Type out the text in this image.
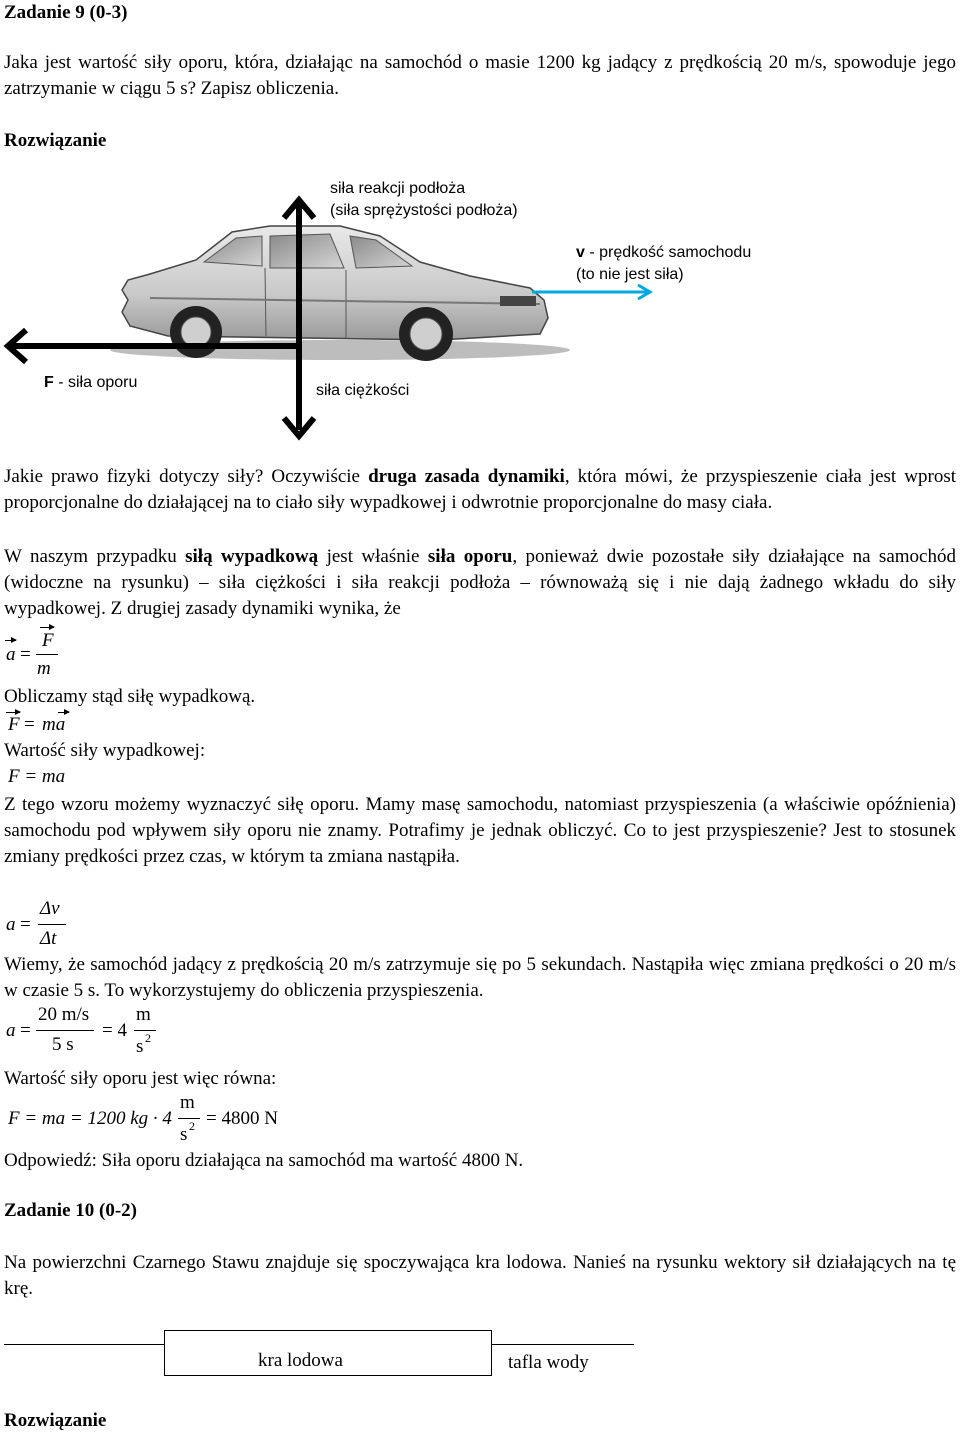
Zadanie 9 (0-3)
Jaka jest wartość siły oporu, która, działając na samochód o masie 1200 kg jadący z prędkością 20 m/s, spowoduje jego zatrzymanie w ciągu 5 s? Zapisz obliczenia.
Rozwiązanie
siła reakcji podłoża
(siła sprężystości podłoża)
v - prędkość samochodu
(to nie jest siła)
F - siła oporu	siła ciężkości
Jakie prawo fizyki dotyczy siły? Oczywiście druga zasada dynamiki, która mówi, że przyspieszenie ciała jest wprost proporcjonalne do działającej na to ciało siły wypadkowej i odwrotnie proporcjonalne do masy ciała.
W naszym przypadku siłą wypadkową jest właśnie siła oporu, ponieważ dwie pozostałe siły działające na samochód (widoczne na rysunku) – siła ciężkości i siła reakcji podłoża – równoważą się i nie dają żadnego wkładu do siły wypadkowej. Z drugiej zasady dynamiki wynika, że
a =
F
m
Obliczamy stąd siłę wypadkową.
F = ma
Wartość siły wypadkowej:
F = ma
Z tego wzoru możemy wyznaczyć siłę oporu. Mamy masę samochodu, natomiast przyspieszenia (a właściwie opóźnienia) samochodu pod wpływem siły oporu nie znamy. Potrafimy je jednak obliczyć. Co to jest przyspieszenie? Jest to stosunek zmiany prędkości przez czas, w którym ta zmiana nastąpiła.
a =
Δv
Δt
Wiemy, że samochód jadący z prędkością 20 m/s zatrzymuje się po 5 sekundach. Nastąpiła więc zmiana prędkości o 20 m/s w czasie 5 s. To wykorzystujemy do obliczenia przyspieszenia.
a =
20 m/s
5 s
= 4
m
s 2
Wartość siły oporu jest więc równa:
F = ma = 1200 kg · 4
m
s 2 = 4800 N
Odpowiedź: Siła oporu działająca na samochód ma wartość 4800 N.
Zadanie 10 (0-2)
Na powierzchni Czarnego Stawu znajduje się spoczywająca kra lodowa. Nanieś na rysunku wektory sił działających na tę krę.
kra lodowa	tafla wody
Rozwiązanie
